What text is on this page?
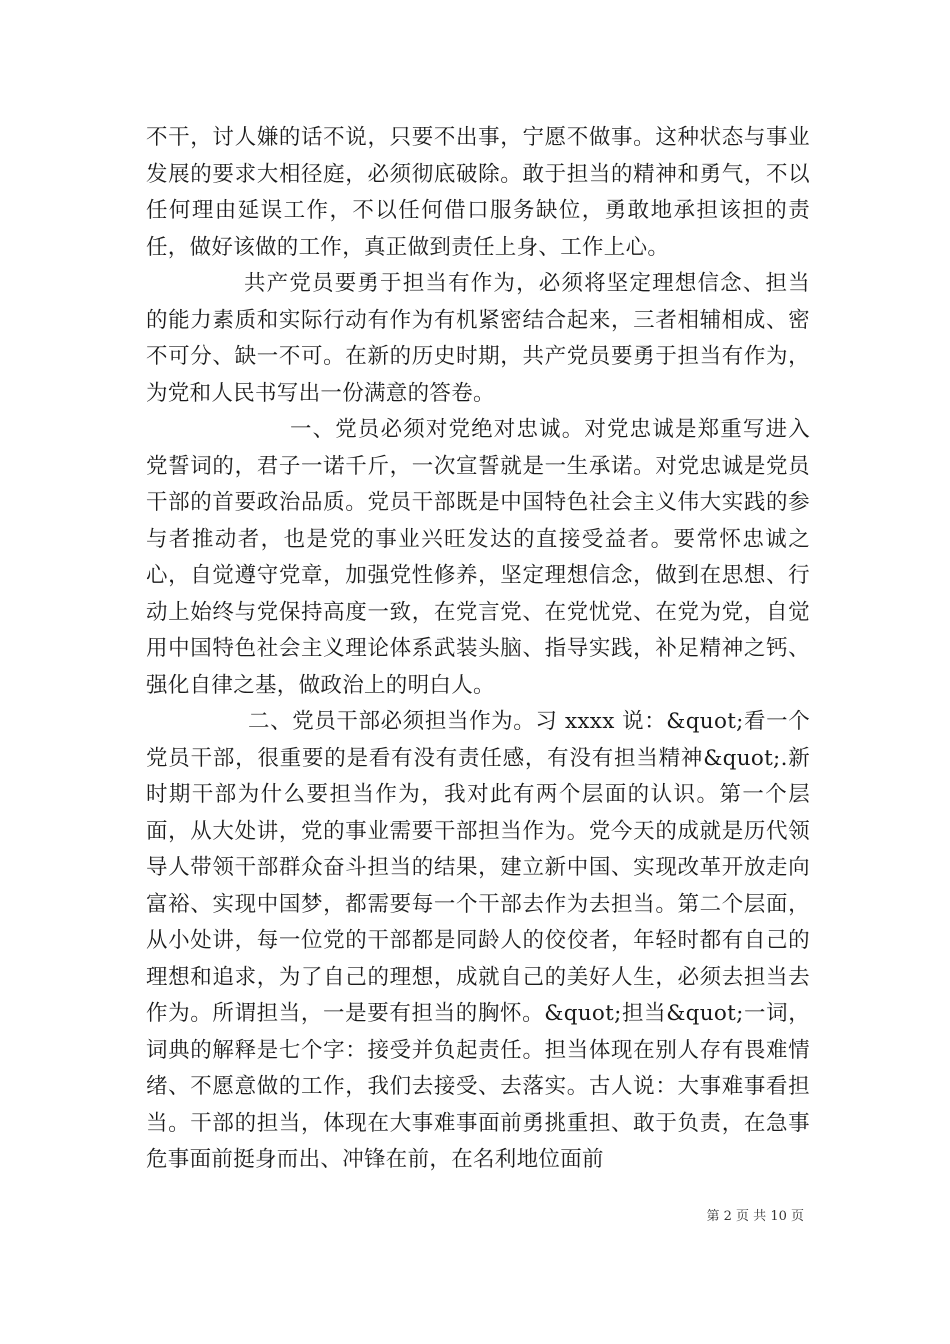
不干，讨人嫌的话不说，只要不出事，宁愿不做事。这种状态与事业发展的要求大相径庭，必须彻底破除。敢于担当的精神和勇气，不以任何理由延误工作，不以任何借口服务缺位，勇敢地承担该担的责任，做好该做的工作，真正做到责任上身、工作上心。

共产党员要勇于担当有作为，必须将坚定理想信念、担当的能力素质和实际行动有作为有机紧密结合起来，三者相辅相成、密不可分、缺一不可。在新的历史时期，共产党员要勇于担当有作为，为党和人民书写出一份满意的答卷。

一、党员必须对党绝对忠诚。对党忠诚是郑重写进入党誓词的，君子一诺千斤，一次宣誓就是一生承诺。对党忠诚是党员干部的首要政治品质。党员干部既是中国特色社会主义伟大实践的参与者推动者，也是党的事业兴旺发达的直接受益者。要常怀忠诚之心，自觉遵守党章，加强党性修养，坚定理想信念，做到在思想、行动上始终与党保持高度一致，在党言党、在党忧党、在党为党，自觉用中国特色社会主义理论体系武装头脑、指导实践，补足精神之钙、强化自律之基，做政治上的明白人。

二、党员干部必须担当作为。习 xxxx 说：&quot;看一个党员干部，很重要的是看有没有责任感，有没有担当精神&quot;.新时期干部为什么要担当作为，我对此有两个层面的认识。第一个层面，从大处讲，党的事业需要干部担当作为。党今天的成就是历代领导人带领干部群众奋斗担当的结果，建立新中国、实现改革开放走向富裕、实现中国梦，都需要每一个干部去作为去担当。第二个层面，从小处讲，每一位党的干部都是同龄人的佼佼者，年轻时都有自己的理想和追求，为了自己的理想，成就自己的美好人生，必须去担当去作为。所谓担当，一是要有担当的胸怀。&quot;担当&quot;一词，词典的解释是七个字：接受并负起责任。担当体现在别人存有畏难情绪、不愿意做的工作，我们去接受、去落实。古人说：大事难事看担当。干部的担当，体现在大事难事面前勇挑重担、敢于负责，在急事危事面前挺身而出、冲锋在前，在名利地位面前

第 2 页 共 10 页
